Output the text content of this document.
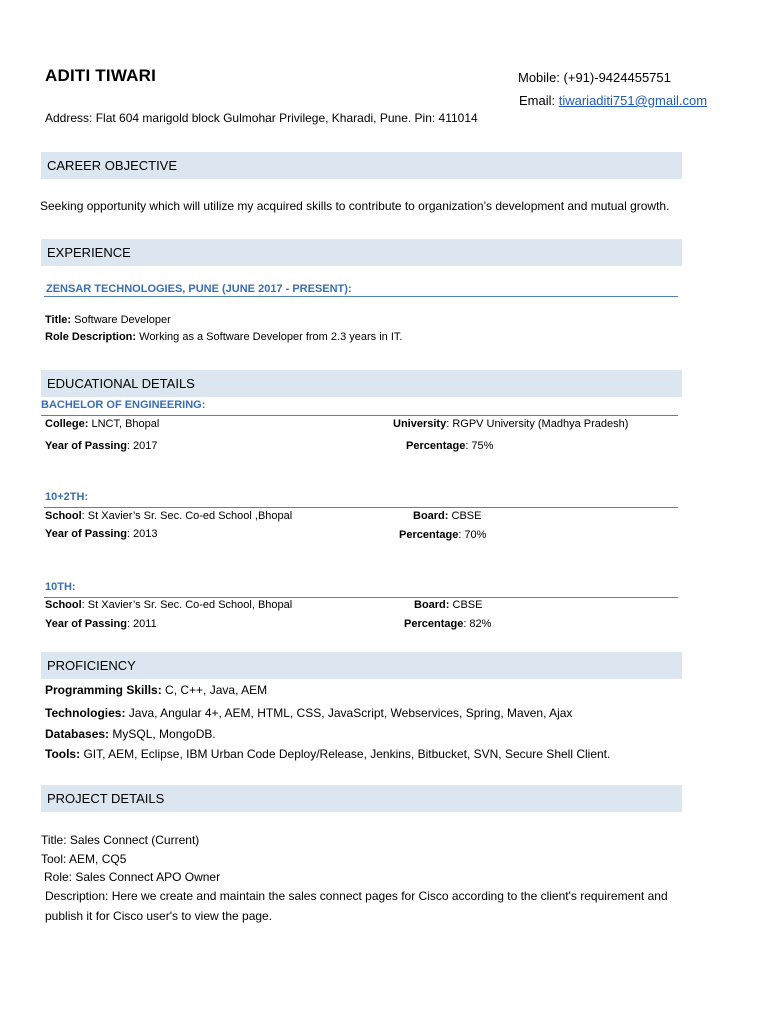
ADITI TIWARI	Mobile: (+91)-9424455751
Email: tiwariaditi751@gmail.com
Address: Flat 604 marigold block Gulmohar Privilege, Kharadi, Pune. Pin: 411014
CAREER OBJECTIVE
Seeking opportunity which will utilize my acquired skills to contribute to organization’s development and mutual growth.
EXPERIENCE
ZENSAR TECHNOLOGIES, PUNE (JUNE 2017 - PRESENT):
Title: Software Developer
Role Description: Working as a Software Developer from 2.3 years in IT.
EDUCATIONAL DETAILS
BACHELOR OF ENGINEERING:
College: LNCT, Bhopal	University: RGPV University (Madhya Pradesh)
Year of Passing: 2017	Percentage: 75%
10+2TH:
School: St Xavier’s Sr. Sec. Co-ed School ,Bhopal	Board: CBSE
Year of Passing: 2013	Percentage: 70%
10TH:
School: St Xavier’s Sr. Sec. Co-ed School, Bhopal	Board: CBSE
Year of Passing: 2011	Percentage: 82%
PROFICIENCY
Programming Skills: C, C++, Java, AEM
Technologies: Java, Angular 4+, AEM, HTML, CSS, JavaScript, Webservices, Spring, Maven, Ajax
Databases: MySQL, MongoDB.
Tools: GIT, AEM, Eclipse, IBM Urban Code Deploy/Release, Jenkins, Bitbucket, SVN, Secure Shell Client.
PROJECT DETAILS
Title: Sales Connect (Current)
Tool: AEM, CQ5
Role: Sales Connect APO Owner
Description: Here we create and maintain the sales connect pages for Cisco according to the client's requirement and
publish it for Cisco user's to view the page.
